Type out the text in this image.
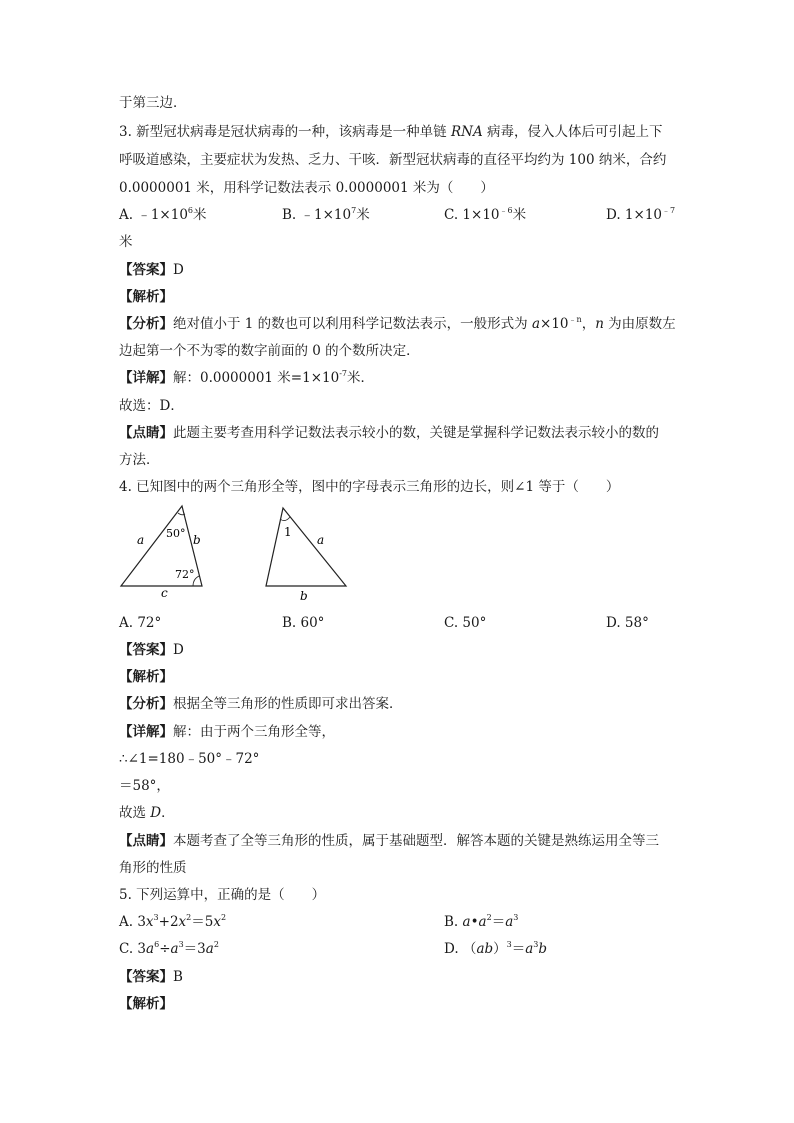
于第三边．
3. 新型冠状病毒是冠状病毒的一种，该病毒是一种单链 RNA 病毒，侵入人体后可引起上下
呼吸道感染，主要症状为发热、乏力、干咳．新型冠状病毒的直径平均约为 100 纳米，合约
0.0000001 米，用科学记数法表示 0.0000001 米为（　　）
A. $﹣1\times 10^6$米	B. $﹣1\times 10^7$米	C. $1\times 10^{﹣6}$米	D. $1\times 10^{﹣7}$
米
【答案】D
【解析】
【分析】绝对值小于 1 的数也可以利用科学记数法表示，一般形式为 $a\times 10^{﹣n}$，n 为由原数左
边起第一个不为零的数字前面的 0 的个数所决定．
【详解】解：0.0000001 米$=1\times 10^{-7}$米．
故选：D．
【点睛】此题主要考查用科学记数法表示较小的数，关键是掌握科学记数法表示较小的数的
方法．
4. 已知图中的两个三角形全等，图中的字母表示三角形的边长，则∠1 等于（　　）
a	b
c
50°
72°
1
a
b
A. 72°	B. 60°	C. 50°	D. 58°
【答案】D
【解析】
【分析】根据全等三角形的性质即可求出答案．
【详解】解：由于两个三角形全等，
∴∠1=180﹣50°﹣72°
＝58°，
故选 D．
【点睛】本题考查了全等三角形的性质，属于基础题型．解答本题的关键是熟练运用全等三
角形的性质
5. 下列运算中，正确的是（　　）
A. $3x^3+2x^2=5x^2$	B. $a•a^2=a^3$
C. $3a^6\div a^3=3a^2$	D. $(ab)^3=a^3b$
【答案】B
【解析】
